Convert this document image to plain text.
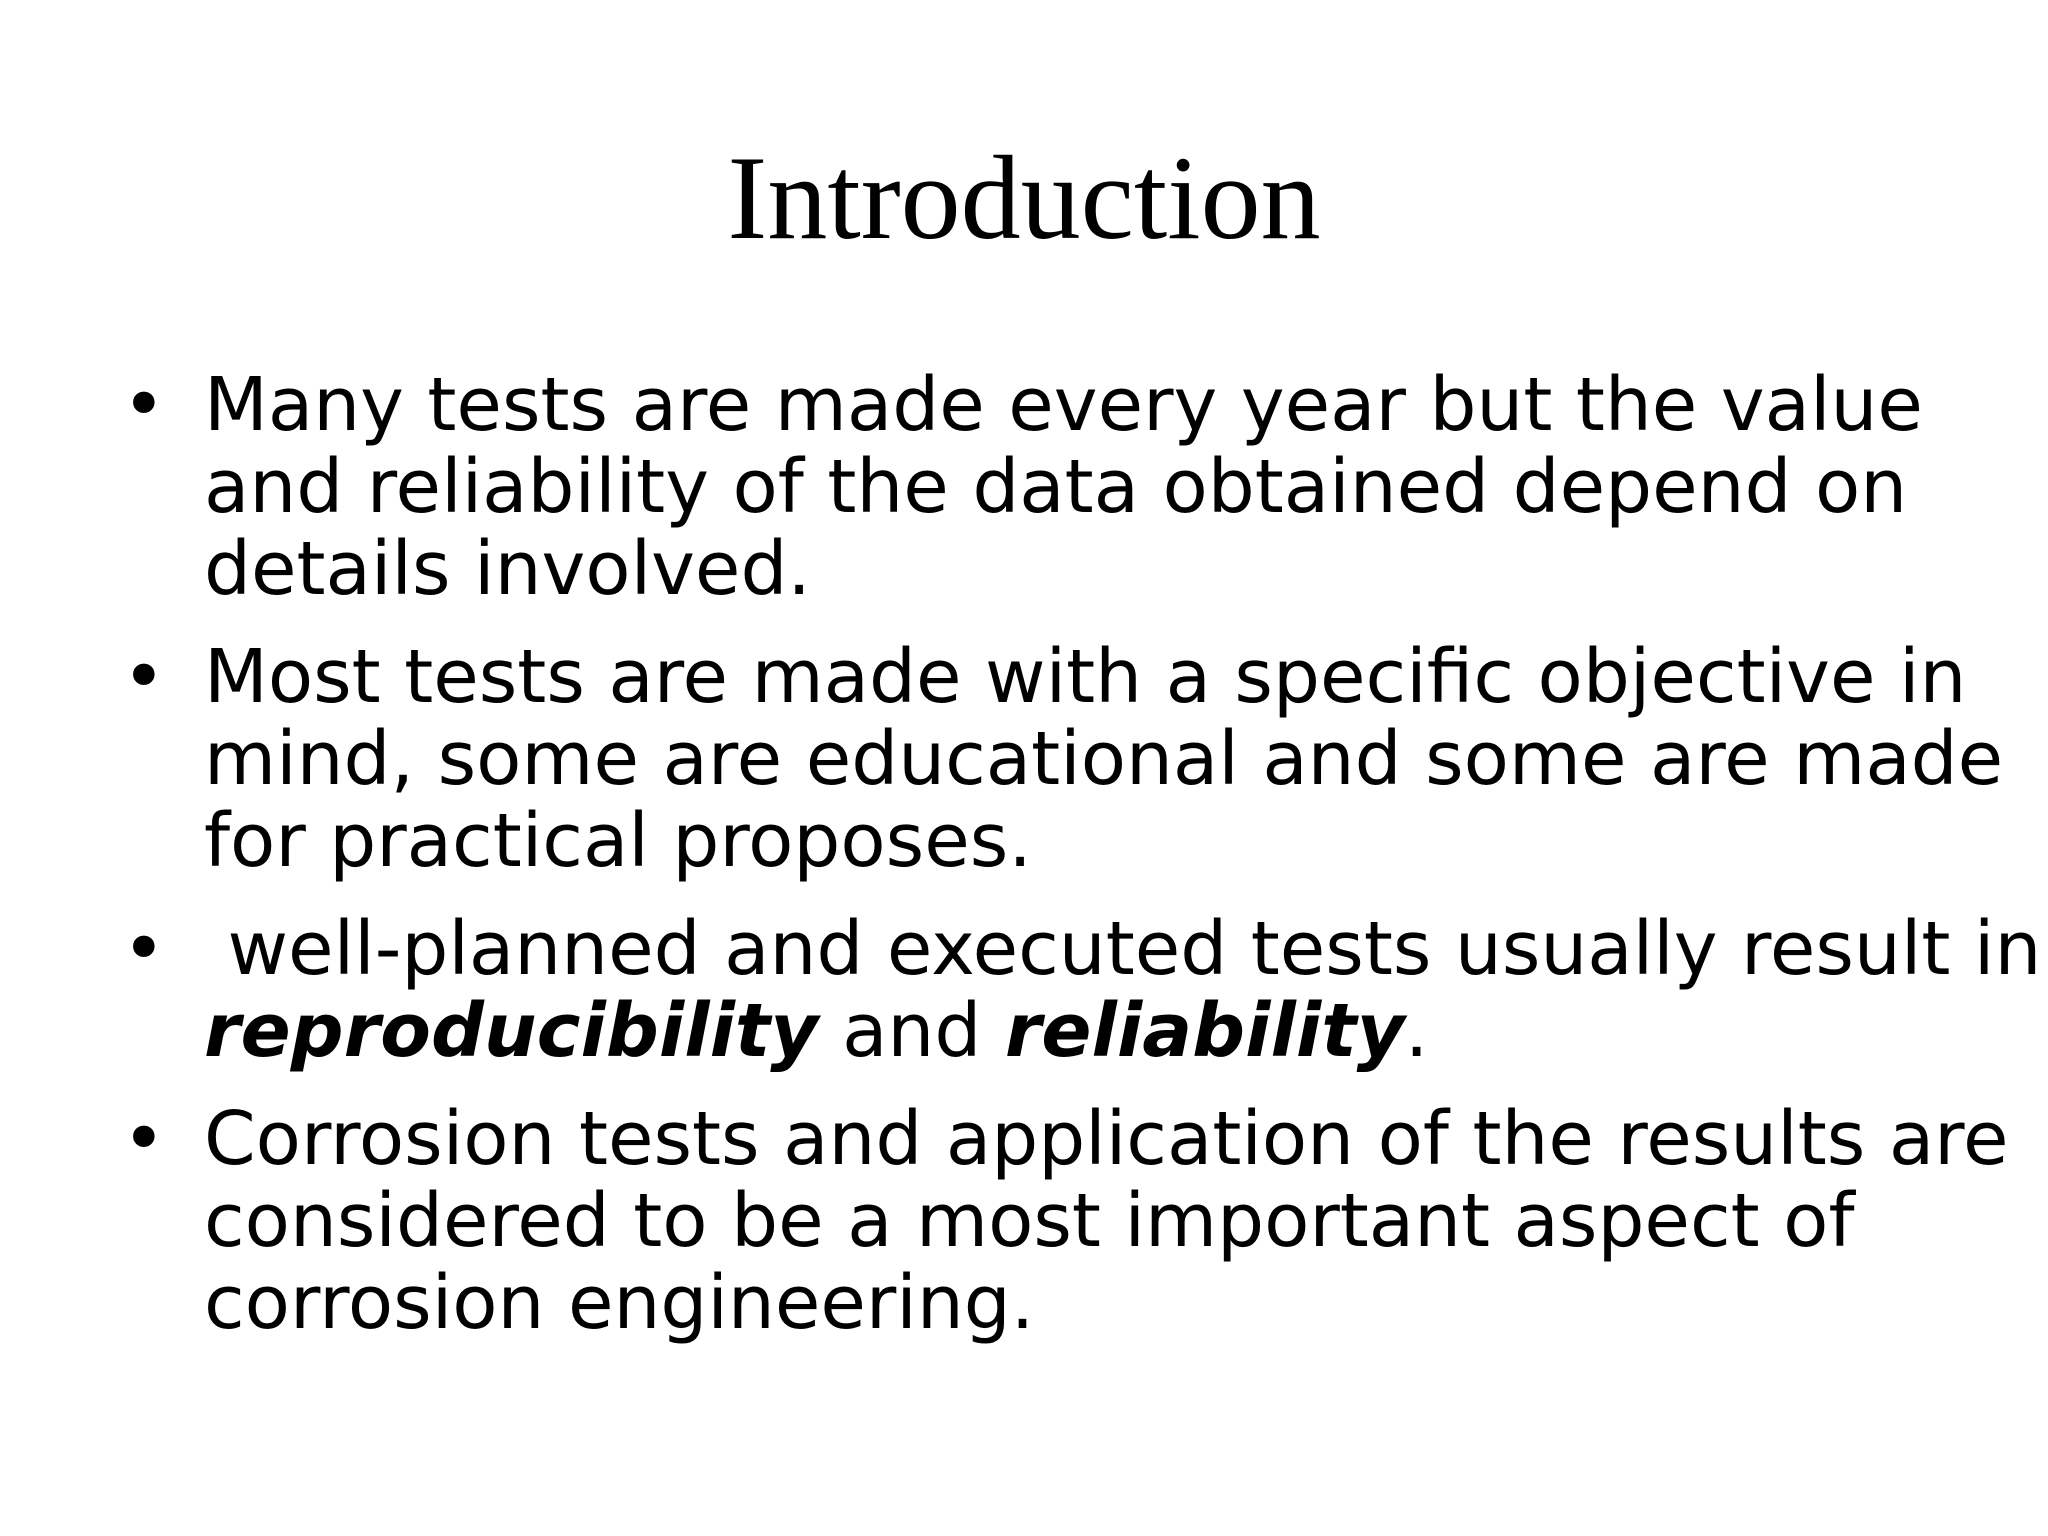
Introduction
• Many tests are made every year but the value
and reliability of the data obtained depend on
details involved.
• Most tests are made with a specific objective in
mind, some are educational and some are made
for practical proposes.
• well-planned and executed tests usually result in
reproducibility and reliability.
• Corrosion tests and application of the results are
considered to be a most important aspect of
corrosion engineering.
